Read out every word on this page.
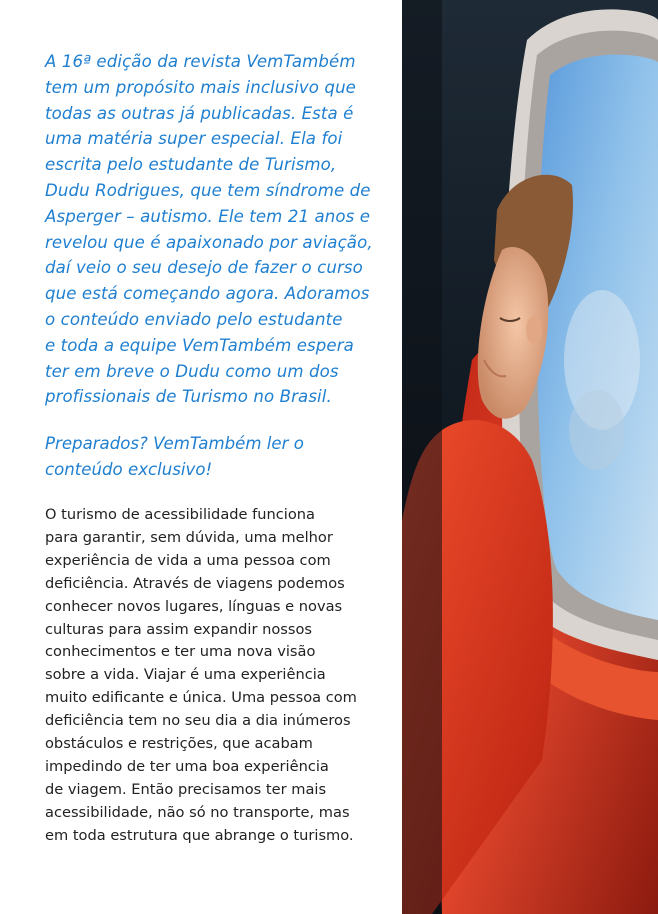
A 16ª edição da revista VemTambém
tem um propósito mais inclusivo que
todas as outras já publicadas. Esta é
uma matéria super especial. Ela foi
escrita pelo estudante de Turismo,
Dudu Rodrigues, que tem síndrome de
Asperger – autismo. Ele tem 21 anos e
revelou que é apaixonado por aviação,
daí veio o seu desejo de fazer o curso
que está começando agora. Adoramos
o conteúdo enviado pelo estudante
e toda a equipe VemTambém espera
ter em breve o Dudu como um dos
profissionais de Turismo no Brasil.

Preparados? VemTambém ler o
conteúdo exclusivo!

O turismo de acessibilidade funciona
para garantir, sem dúvida, uma melhor
experiência de vida a uma pessoa com
deficiência. Através de viagens podemos
conhecer novos lugares, línguas e novas
culturas para assim expandir nossos
conhecimentos e ter uma nova visão
sobre a vida. Viajar é uma experiência
muito edificante e única. Uma pessoa com
deficiência tem no seu dia a dia inúmeros
obstáculos e restrições, que acabam
impedindo de ter uma boa experiência
de viagem. Então precisamos ter mais
acessibilidade, não só no transporte, mas
em toda estrutura que abrange o turismo.
